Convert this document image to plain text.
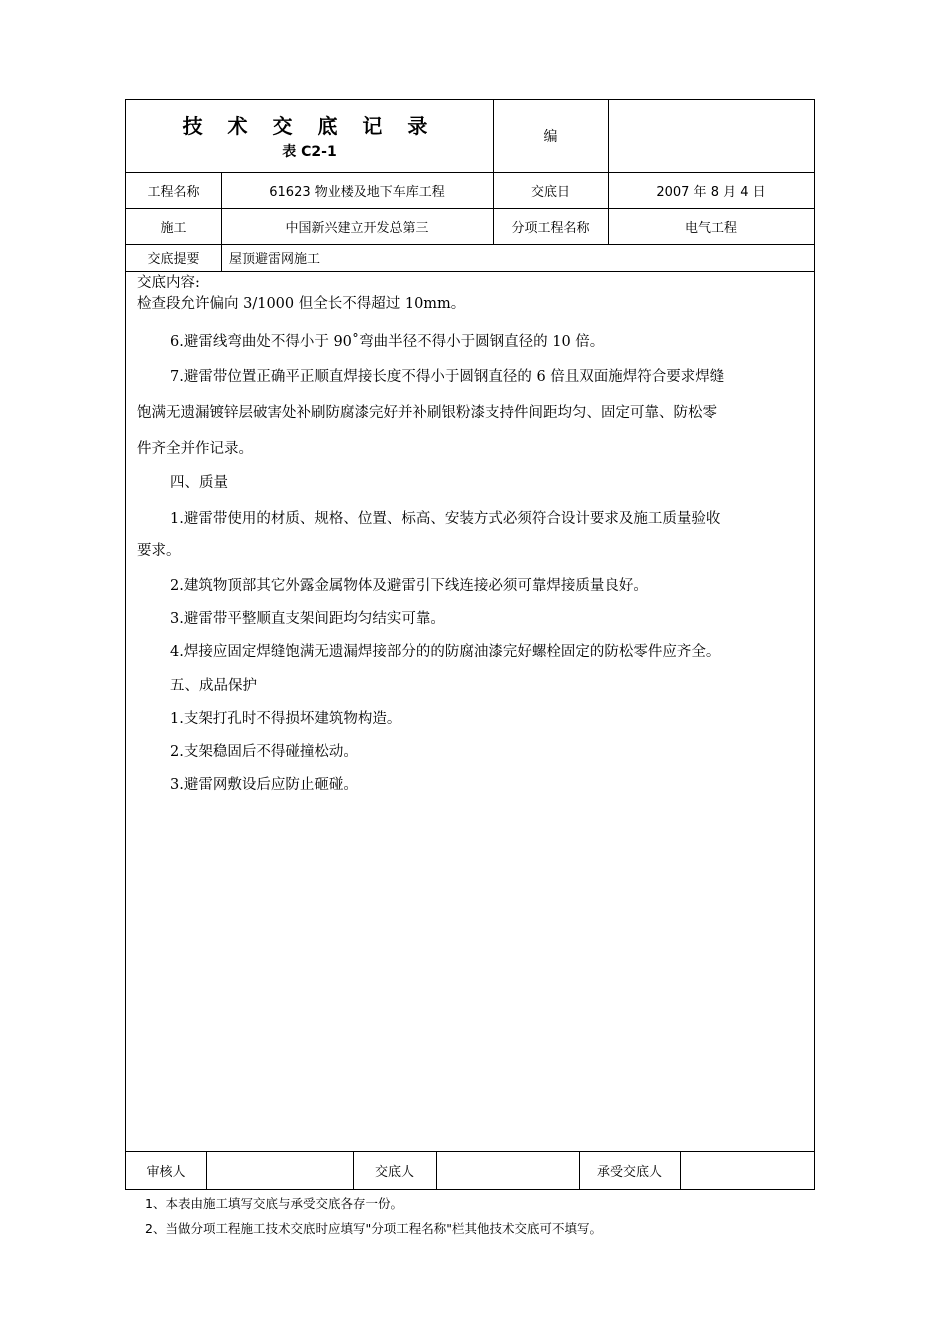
技 术 交 底 记 录
表 C2-1
编
工程名称	61623 物业楼及地下车库工程	交底日	2007 年 8 月 4 日
施工	中国新兴建立开发总第三	分项工程名称	电气工程
交底提要	屋顶避雷网施工

交底内容:

检查段允许偏向 3/1000 但全长不得超过 10mm。

6.避雷线弯曲处不得小于 90˚弯曲半径不得小于圆钢直径的 10 倍。

7.避雷带位置正确平正顺直焊接长度不得小于圆钢直径的 6 倍且双面施焊符合要求焊缝

饱满无遗漏镀锌层破害处补刷防腐漆完好并补刷银粉漆支持件间距均匀、固定可靠、防松零

件齐全并作记录。

四、质量

1.避雷带使用的材质、规格、位置、标高、安装方式必须符合设计要求及施工质量验收

要求。

2.建筑物顶部其它外露金属物体及避雷引下线连接必须可靠焊接质量良好。

3.避雷带平整顺直支架间距均匀结实可靠。

4.焊接应固定焊缝饱满无遗漏焊接部分的的防腐油漆完好螺栓固定的防松零件应齐全。

五、成品保护

1.支架打孔时不得损坏建筑物构造。

2.支架稳固后不得碰撞松动。

3.避雷网敷设后应防止砸碰。

审核人	交底人	承受交底人

1、本表由施工填写交底与承受交底各存一份。

2、当做分项工程施工技术交底时应填写"分项工程名称"栏其他技术交底可不填写。
